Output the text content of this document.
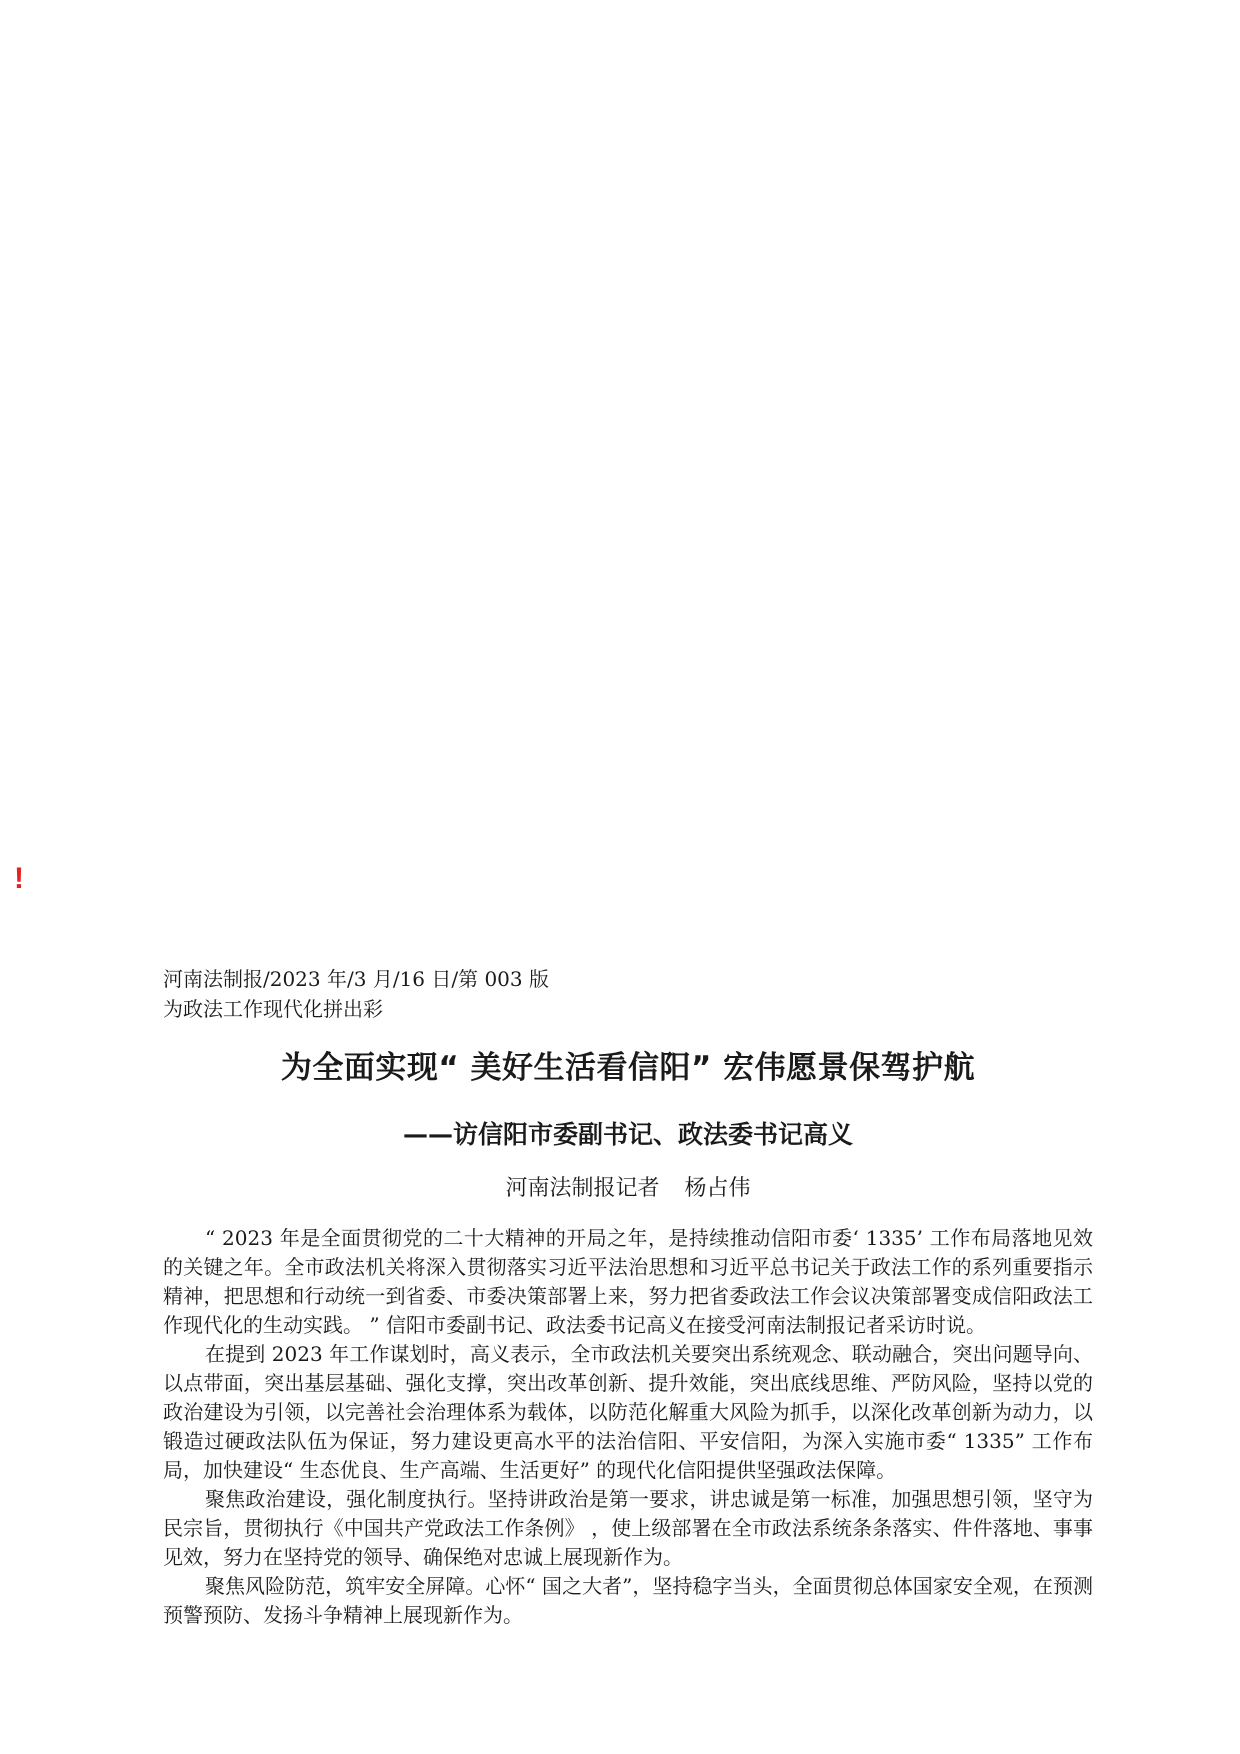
!
河南法制报/2023 年/3 月/16 日/第 003 版为政法工作现代化拼出彩
为全面实现“ 美好生活看信阳” 宏伟愿景保驾护航
——访信阳市委副书记、政法委书记高义
河南法制报记者 杨占伟

“ 2023 年是全面贯彻党的二十大精神的开局之年，是持续推动信阳市委‘ 1335’ 工作布局落地见效的关键之年。全市政法机关将深入贯彻落实习近平法治思想和习近平总书记关于政法工作的系列重要指示精神，把思想和行动统一到省委、市委决策部署上来，努力把省委政法工作会议决策部署变成信阳政法工作现代化的生动实践。 ” 信阳市委副书记、政法委书记高义在接受河南法制报记者采访时说。

在提到 2023 年工作谋划时，高义表示，全市政法机关要突出系统观念、联动融合，突出问题导向、以点带面，突出基层基础、强化支撑，突出改革创新、提升效能，突出底线思维、严防风险，坚持以党的政治建设为引领，以完善社会治理体系为载体，以防范化解重大风险为抓手，以深化改革创新为动力，以锻造过硬政法队伍为保证，努力建设更高水平的法治信阳、平安信阳，为深入实施市委“ 1335” 工作布局，加快建设“ 生态优良、生产高端、生活更好” 的现代化信阳提供坚强政法保障。

聚焦政治建设，强化制度执行。坚持讲政治是第一要求，讲忠诚是第一标准，加强思想引领，坚守为民宗旨，贯彻执行《中国共产党政法工作条例》 ，使上级部署在全市政法系统条条落实、件件落地、事事见效，努力在坚持党的领导、确保绝对忠诚上展现新作为。

聚焦风险防范，筑牢安全屏障。心怀“ 国之大者”，坚持稳字当头，全面贯彻总体国家安全观，在预测预警预防、发扬斗争精神上展现新作为。
